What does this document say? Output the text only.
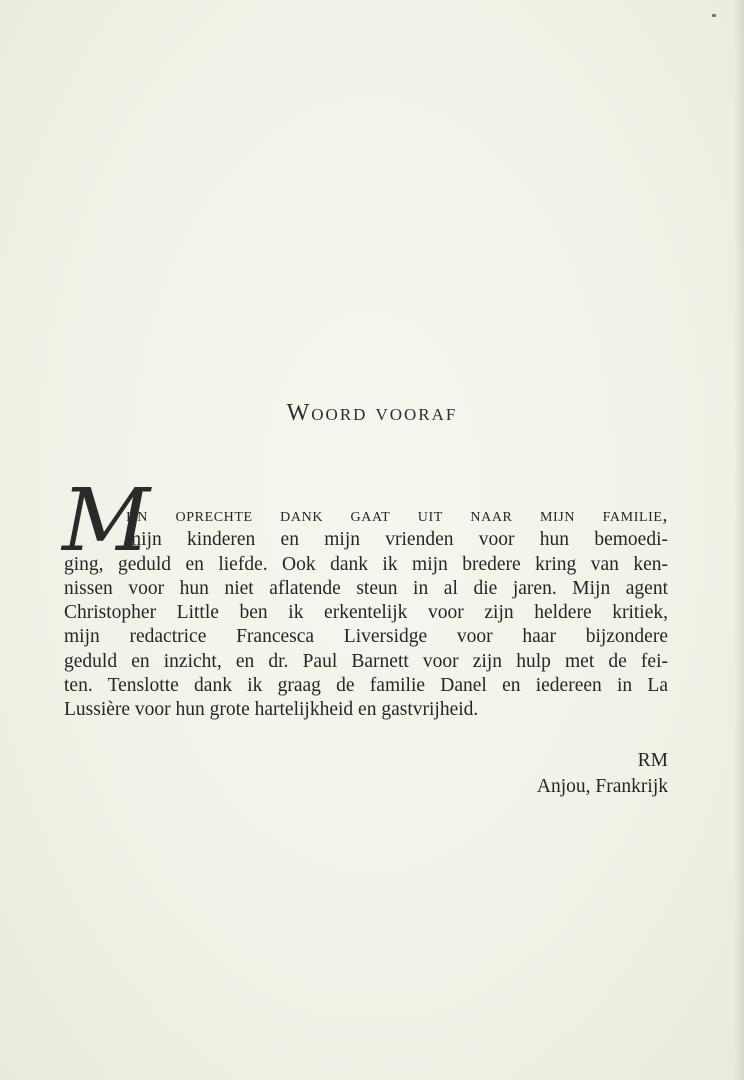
Woord vooraf
M
ijn oprechte dank gaat uit naar mijn familie,
mijn kinderen en mijn vrienden voor hun bemoedi-
ging, geduld en liefde. Ook dank ik mijn bredere kring van ken-
nissen voor hun niet aflatende steun in al die jaren. Mijn agent
Christopher Little ben ik erkentelijk voor zijn heldere kritiek,
mijn redactrice Francesca Liversidge voor haar bijzondere
geduld en inzicht, en dr. Paul Barnett voor zijn hulp met de fei-
ten. Tenslotte dank ik graag de familie Danel en iedereen in La
Lussière voor hun grote hartelijkheid en gastvrijheid.
RM
Anjou, Frankrijk
